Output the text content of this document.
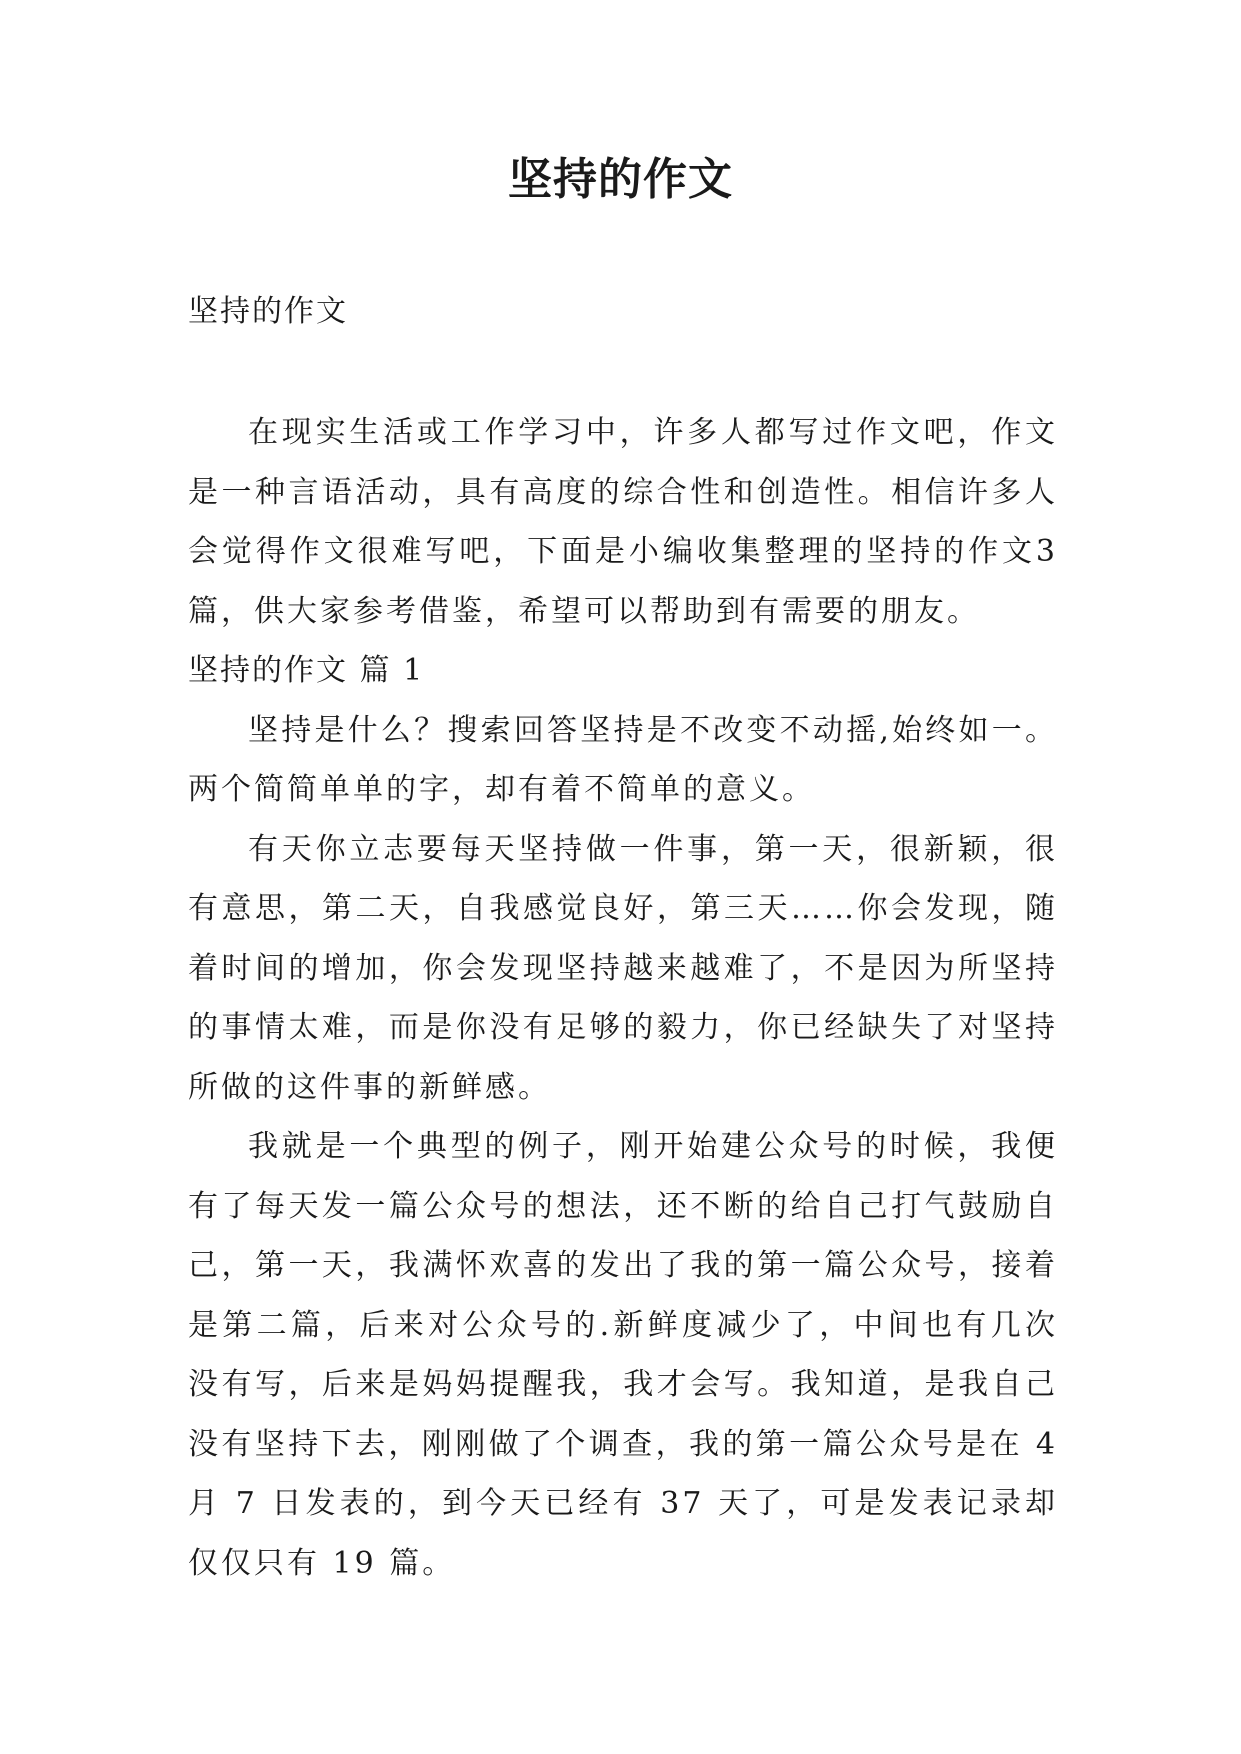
坚持的作文
坚持的作文

在现实生活或工作学习中，许多人都写过作文吧，作文是一种言语活动，具有高度的综合性和创造性。相信许多人会觉得作文很难写吧，下面是小编收集整理的坚持的作文3篇，供大家参考借鉴，希望可以帮助到有需要的朋友。

坚持的作文 篇 1

坚持是什么？搜索回答坚持是不改变不动摇,始终如一。两个简简单单的字，却有着不简单的意义。

有天你立志要每天坚持做一件事，第一天，很新颖，很有意思，第二天，自我感觉良好，第三天……你会发现，随着时间的增加，你会发现坚持越来越难了，不是因为所坚持的事情太难，而是你没有足够的毅力，你已经缺失了对坚持所做的这件事的新鲜感。

我就是一个典型的例子，刚开始建公众号的时候，我便有了每天发一篇公众号的想法，还不断的给自己打气鼓励自己，第一天，我满怀欢喜的发出了我的第一篇公众号，接着是第二篇，后来对公众号的.新鲜度减少了，中间也有几次没有写，后来是妈妈提醒我，我才会写。我知道，是我自己没有坚持下去，刚刚做了个调查，我的第一篇公众号是在 4 月 7 日发表的，到今天已经有 37 天了，可是发表记录却仅仅只有 19 篇。
